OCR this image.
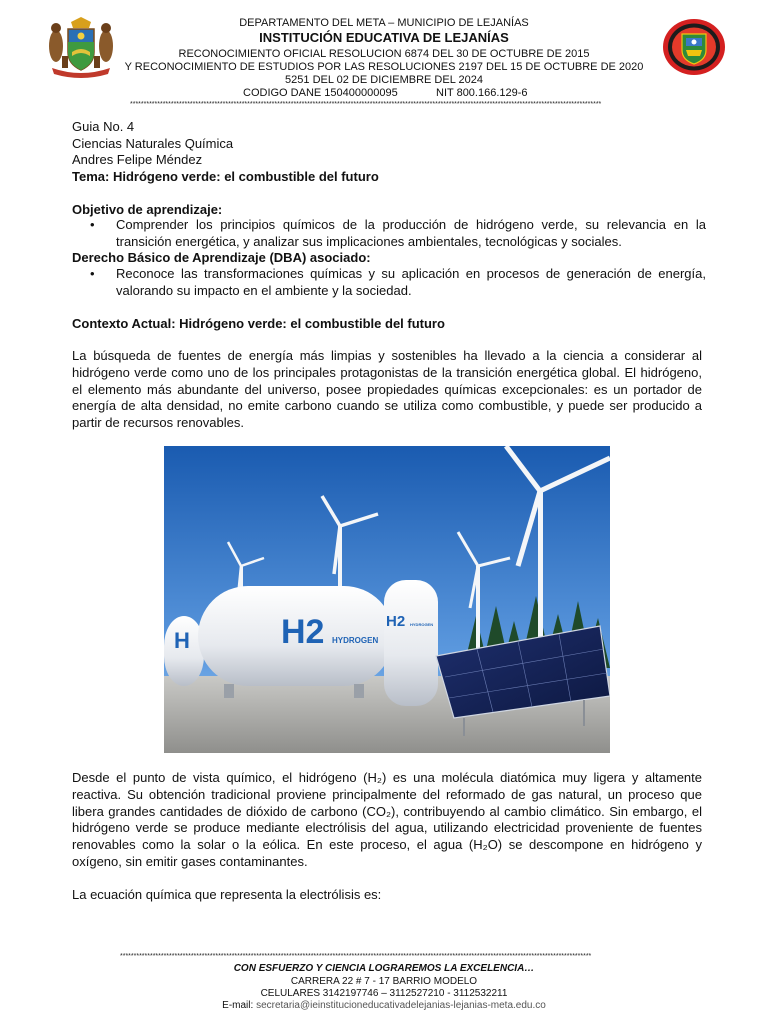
DEPARTAMENTO DEL META – MUNICIPIO DE LEJANÍAS
INSTITUCIÓN EDUCATIVA DE LEJANÍAS
RECONOCIMIENTO OFICIAL RESOLUCION 6874 DEL 30 DE OCTUBRE DE 2015
Y RECONOCIMIENTO DE ESTUDIOS POR LAS RESOLUCIONES 2197 DEL 15 DE OCTUBRE DE 2020
5251 DEL 02 DE DICIEMBRE DEL 2024
CODIGO DANE 150400000095	NIT 800.166.129-6
*****************************************************************************************************************************************************************************
Guia No. 4
Ciencias Naturales Química
Andres Felipe Méndez
Tema: Hidrógeno verde: el combustible del futuro
Objetivo de aprendizaje:
•	Comprender los principios químicos de la producción de hidrógeno verde, su relevancia en la transición energética, y analizar sus implicaciones ambientales, tecnológicas y sociales.
Derecho Básico de Aprendizaje (DBA) asociado:
•	Reconoce las transformaciones químicas y su aplicación en procesos de generación de energía, valorando su impacto en el ambiente y la sociedad.
Contexto Actual: Hidrógeno verde: el combustible del futuro
La búsqueda de fuentes de energía más limpias y sostenibles ha llevado a la ciencia a considerar al hidrógeno verde como uno de los principales protagonistas de la transición energética global. El hidrógeno, el elemento más abundante del universo, posee propiedades químicas excepcionales: es un portador de energía de alta densidad, no emite carbono cuando se utiliza como combustible, y puede ser producido a partir de recursos renovables.
H2 HYDROGEN
H2 HYDROGEN
H
Desde el punto de vista químico, el hidrógeno (H₂) es una molécula diatómica muy ligera y altamente reactiva. Su obtención tradicional proviene principalmente del reformado de gas natural, un proceso que libera grandes cantidades de dióxido de carbono (CO₂), contribuyendo al cambio climático. Sin embargo, el hidrógeno verde se produce mediante electrólisis del agua, utilizando electricidad proveniente de fuentes renovables como la solar o la eólica. En este proceso, el agua (H₂O) se descompone en hidrógeno y oxígeno, sin emitir gases contaminantes.
La ecuación química que representa la electrólisis es:
*****************************************************************************************************************************************************************************
CON ESFUERZO Y CIENCIA LOGRAREMOS LA EXCELENCIA…
CARRERA 22 # 7 - 17 BARRIO MODELO
CELULARES 3142197746 – 3112527210 - 3112532211
E-mail: secretaria@ieinstitucioneducativadelejanias-lejanias-meta.edu.co
